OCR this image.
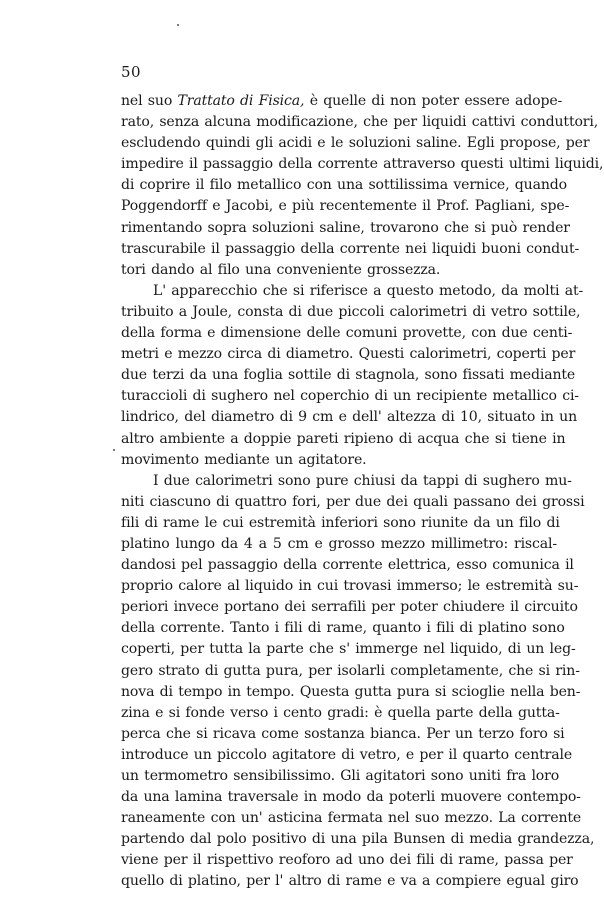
50
nel suo Trattato di Fisica, è quelle di non poter essere adope-
rato, senza alcuna modificazione, che per liquidi cattivi conduttori,
escludendo quindi gli acidi e le soluzioni saline. Egli propose, per
impedire il passaggio della corrente attraverso questi ultimi liquidi,
di coprire il filo metallico con una sottilissima vernice, quando
Poggendorff e Jacobi, e più recentemente il Prof. Pagliani, spe-
rimentando sopra soluzioni saline, trovarono che si può render
trascurabile il passaggio della corrente nei liquidi buoni condut-
tori dando al filo una conveniente grossezza.
L' apparecchio che si riferisce a questo metodo, da molti at-
tribuito a Joule, consta di due piccoli calorimetri di vetro sottile,
della forma e dimensione delle comuni provette, con due centi-
metri e mezzo circa di diametro. Questi calorimetri, coperti per
due terzi da una foglia sottile di stagnola, sono fissati mediante
turaccioli di sughero nel coperchio di un recipiente metallico ci-
lindrico, del diametro di 9 cm e dell' altezza di 10, situato in un
altro ambiente a doppie pareti ripieno di acqua che si tiene in
movimento mediante un agitatore.
I due calorimetri sono pure chiusi da tappi di sughero mu-
niti ciascuno di quattro fori, per due dei quali passano dei grossi
fili di rame le cui estremità inferiori sono riunite da un filo di
platino lungo da 4 a 5 cm e grosso mezzo millimetro: riscal-
dandosi pel passaggio della corrente elettrica, esso comunica il
proprio calore al liquido in cui trovasi immerso; le estremità su-
periori invece portano dei serrafili per poter chiudere il circuito
della corrente. Tanto i fili di rame, quanto i fili di platino sono
coperti, per tutta la parte che s' immerge nel liquido, di un leg-
gero strato di gutta pura, per isolarli completamente, che si rin-
nova di tempo in tempo. Questa gutta pura si scioglie nella ben-
zina e si fonde verso i cento gradi: è quella parte della gutta-
perca che si ricava come sostanza bianca. Per un terzo foro si
introduce un piccolo agitatore di vetro, e per il quarto centrale
un termometro sensibilissimo. Gli agitatori sono uniti fra loro
da una lamina traversale in modo da poterli muovere contempo-
raneamente con un' asticina fermata nel suo mezzo. La corrente
partendo dal polo positivo di una pila Bunsen di media grandezza,
viene per il rispettivo reoforo ad uno dei fili di rame, passa per
quello di platino, per l' altro di rame e va a compiere egual giro
